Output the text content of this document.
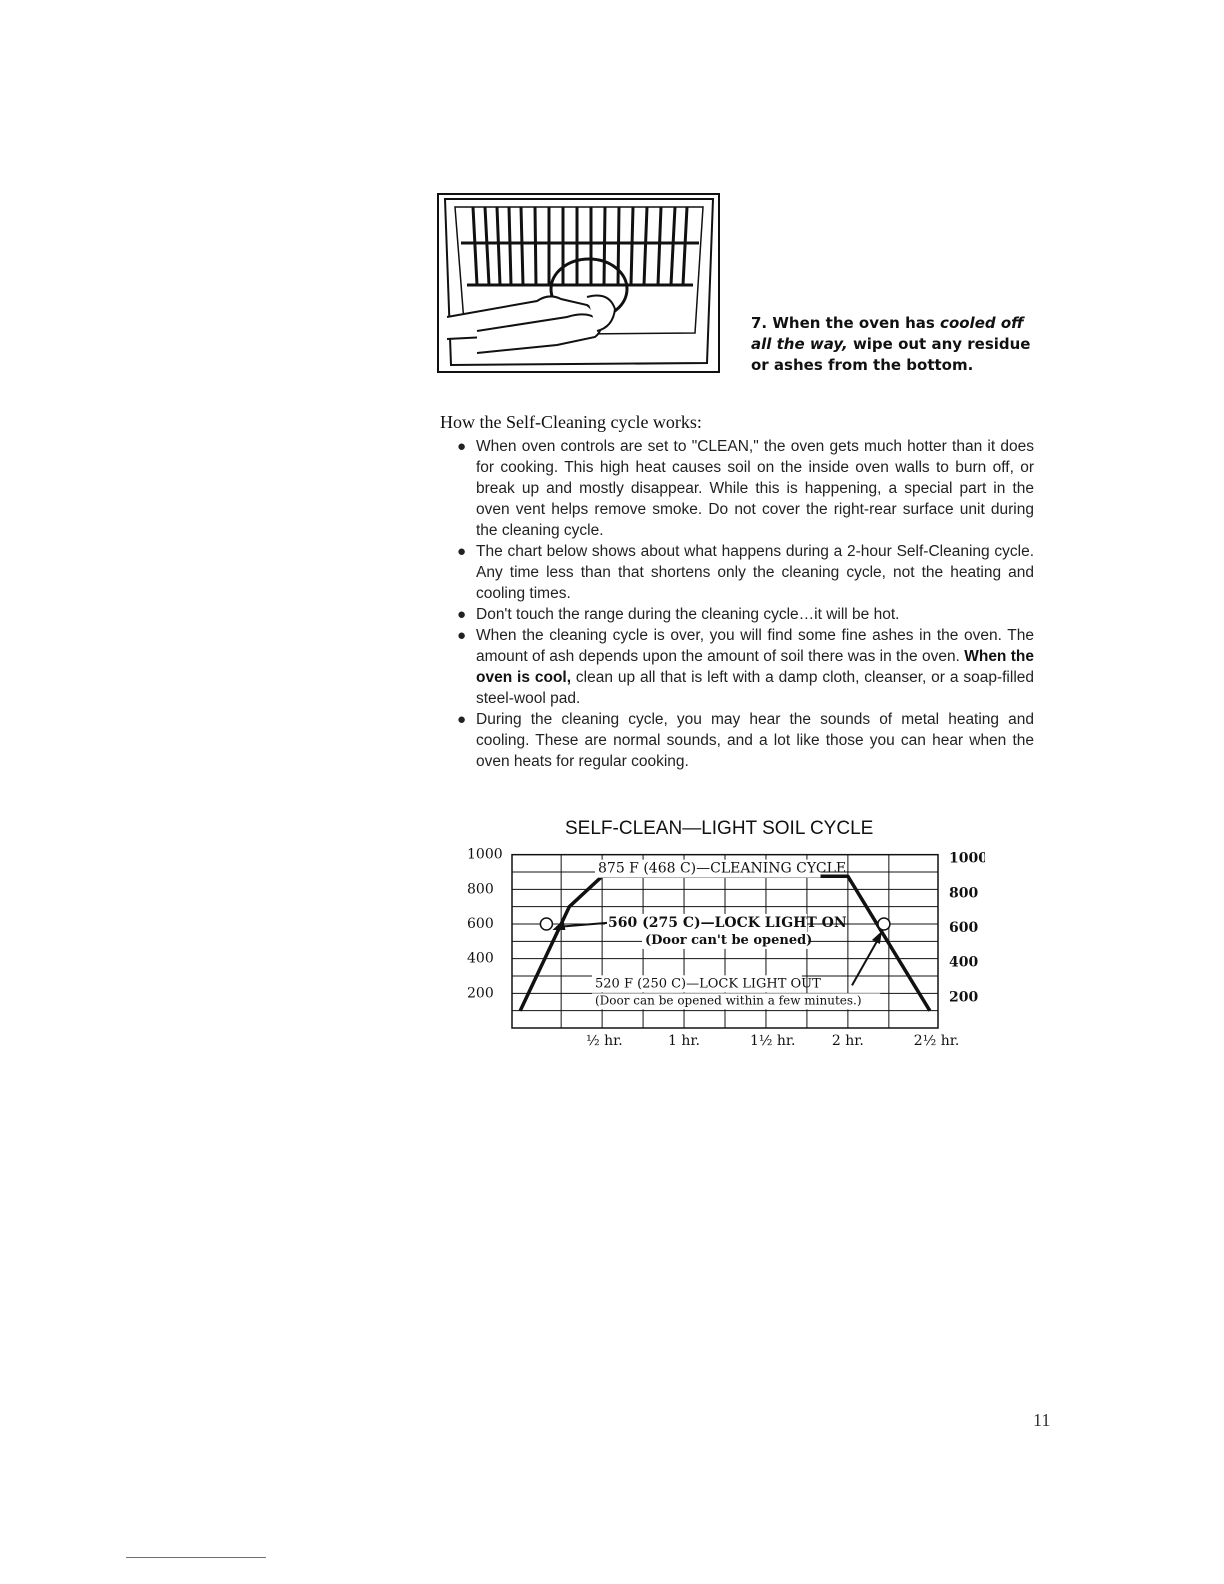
7. When the oven has cooled off all the way, wipe out any residue or ashes from the bottom.
How the Self-Cleaning cycle works:
● When oven controls are set to "CLEAN," the oven gets much hotter than it does for cooking. This high heat causes soil on the inside oven walls to burn off, or break up and mostly disappear. While this is happening, a special part in the oven vent helps remove smoke. Do not cover the right-rear surface unit during the cleaning cycle.
● The chart below shows about what happens during a 2-hour Self-Cleaning cycle. Any time less than that shortens only the cleaning cycle, not the heating and cooling times.
● Don't touch the range during the cleaning cycle…it will be hot.
● When the cleaning cycle is over, you will find some fine ashes in the oven. The amount of ash depends upon the amount of soil there was in the oven. When the oven is cool, clean up all that is left with a damp cloth, cleanser, or a soap-filled steel-wool pad.
● During the cleaning cycle, you may hear the sounds of metal heating and cooling. These are normal sounds, and a lot like those you can hear when the oven heats for regular cooking.
SELF-CLEAN—LIGHT SOIL CYCLE
1000	1000
800	800
600	600
400	400
200	200
½ hr.	1 hr.	1½ hr.	2 hr.	2½ hr.
875 F (468 C)—CLEANING CYCLE
560 (275 C)—LOCK LIGHT ON
(Door can't be opened)
520 F (250 C)—LOCK LIGHT OUT
(Door can be opened within a few minutes.)
11
